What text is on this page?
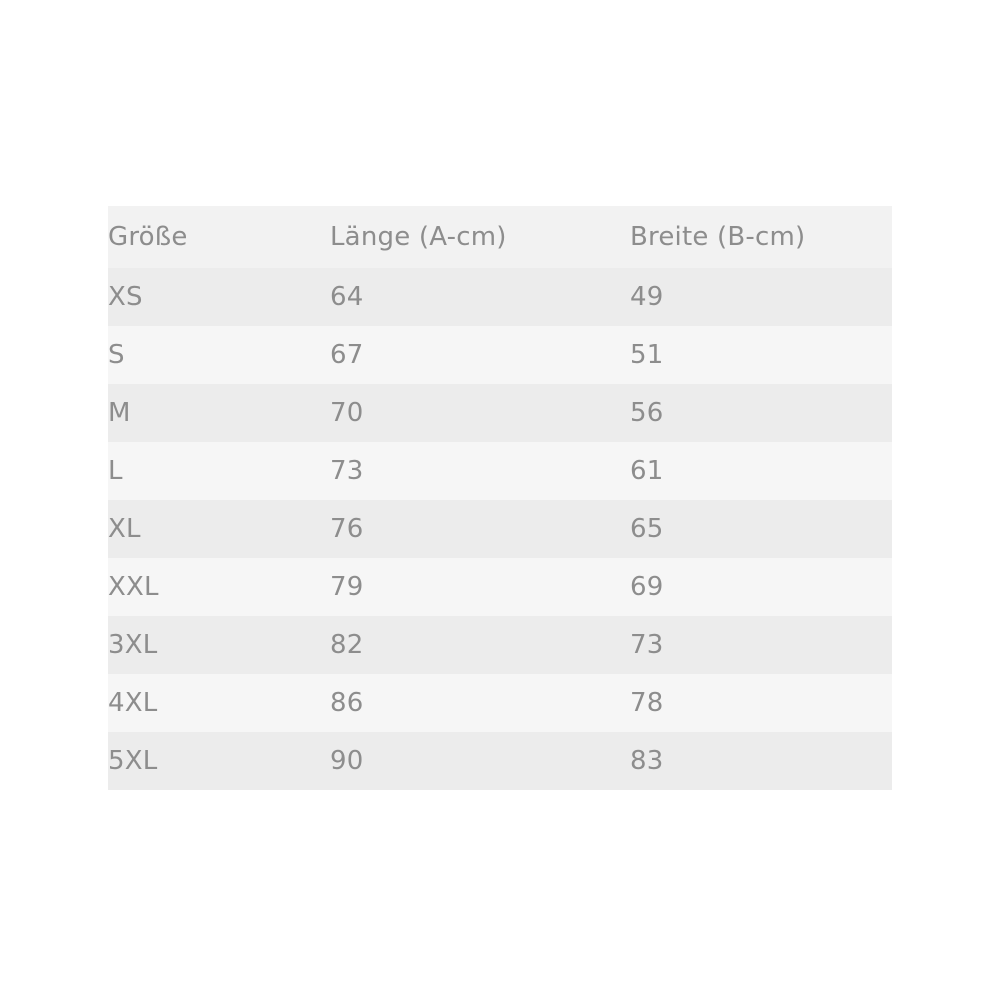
Größe	Länge (A-cm)	Breite (B-cm)
XS	64	49
S	67	51
M	70	56
L	73	61
XL	76	65
XXL	79	69
3XL	82	73
4XL	86	78
5XL	90	83
